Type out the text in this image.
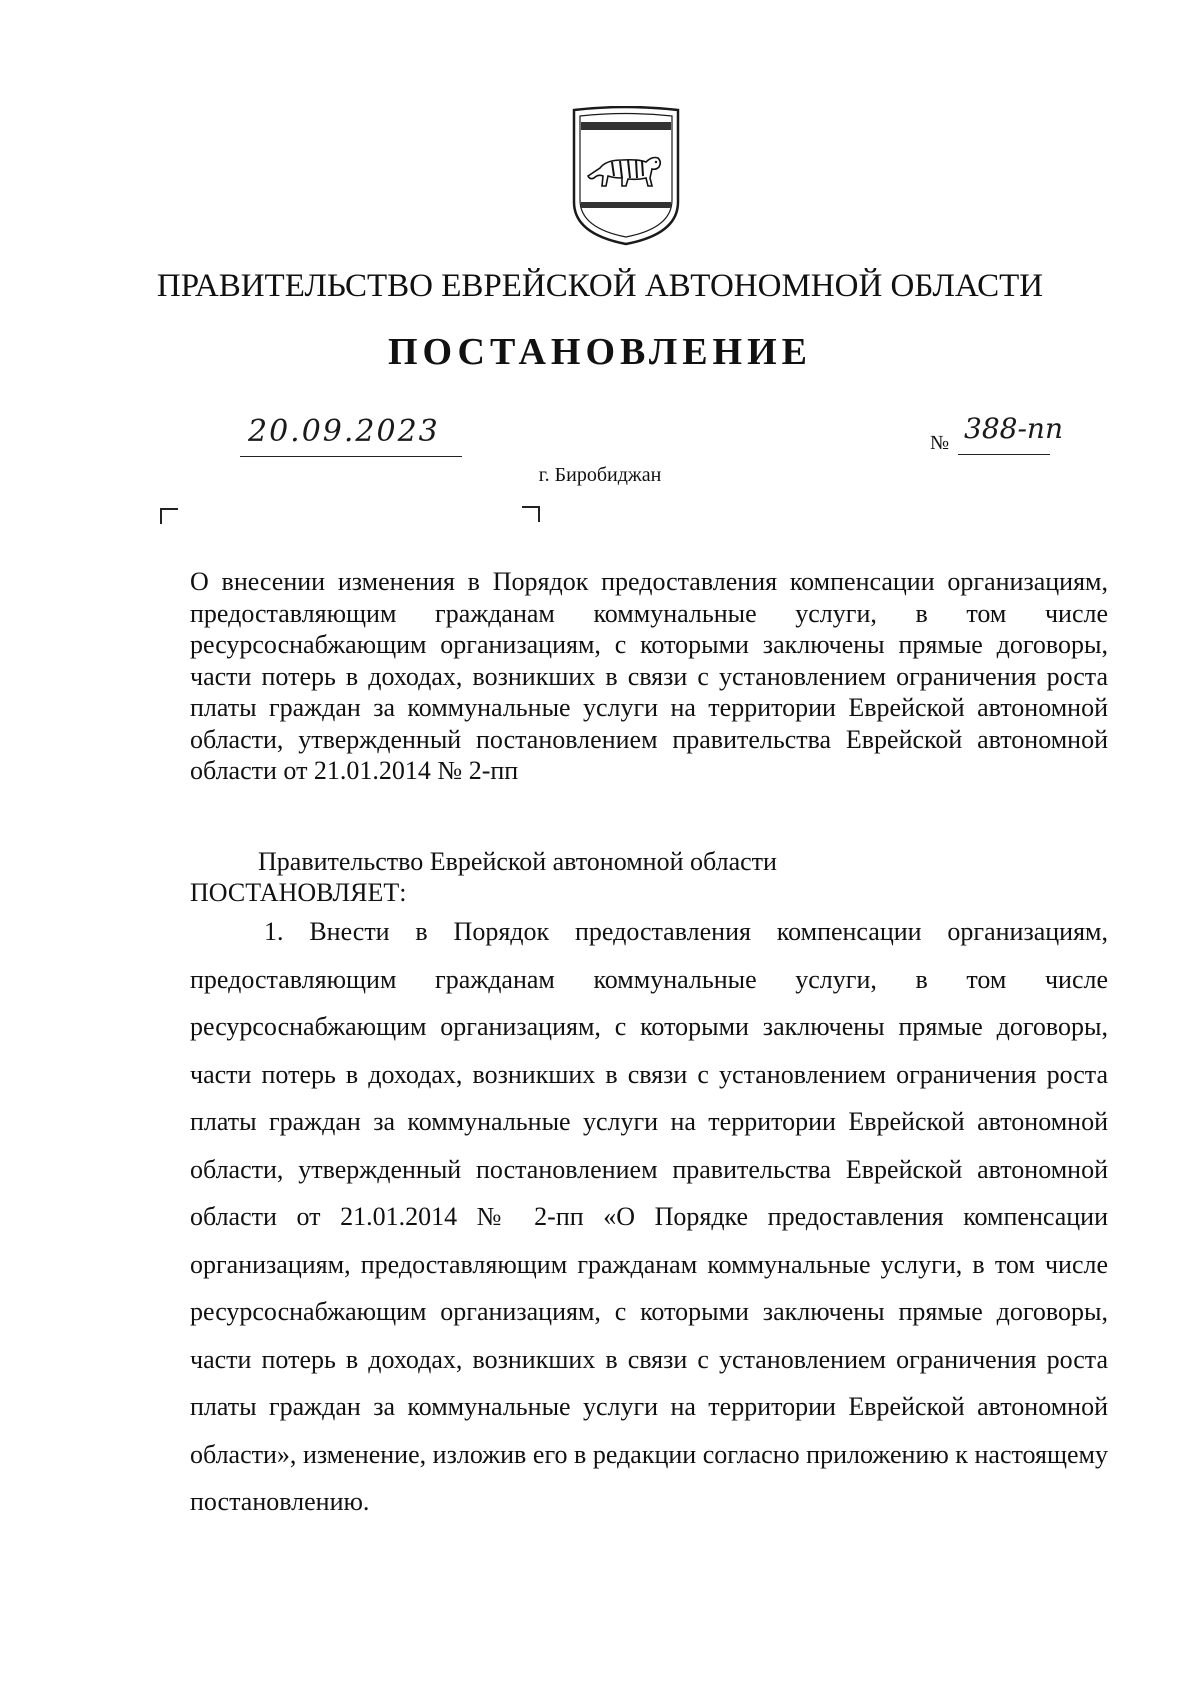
ПРАВИТЕЛЬСТВО ЕВРЕЙСКОЙ АВТОНОМНОЙ ОБЛАСТИ
ПОСТАНОВЛЕНИЕ
20.09.2023	№ 388-пп
г. Биробиджан
О внесении изменения в Порядок предоставления компенсации организациям, предоставляющим гражданам коммунальные услуги, в том числе ресурсоснабжающим организациям, с которыми заключены прямые договоры, части потерь в доходах, возникших в связи с установлением ограничения роста платы граждан за коммунальные услуги на территории Еврейской автономной области, утвержденный постановлением правительства Еврейской автономной области от 21.01.2014 № 2-пп
Правительство Еврейской автономной области
ПОСТАНОВЛЯЕТ:

1. Внести в Порядок предоставления компенсации организациям, предоставляющим гражданам коммунальные услуги, в том числе ресурсоснабжающим организациям, с которыми заключены прямые договоры, части потерь в доходах, возникших в связи с установлением ограничения роста платы граждан за коммунальные услуги на территории Еврейской автономной области, утвержденный постановлением правительства Еврейской автономной области от 21.01.2014 № 2-пп «О Порядке предоставления компенсации организациям, предоставляющим гражданам коммунальные услуги, в том числе ресурсоснабжающим организациям, с которыми заключены прямые договоры, части потерь в доходах, возникших в связи с установлением ограничения роста платы граждан за коммунальные услуги на территории Еврейской автономной области», изменение, изложив его в редакции согласно приложению к настоящему постановлению.
